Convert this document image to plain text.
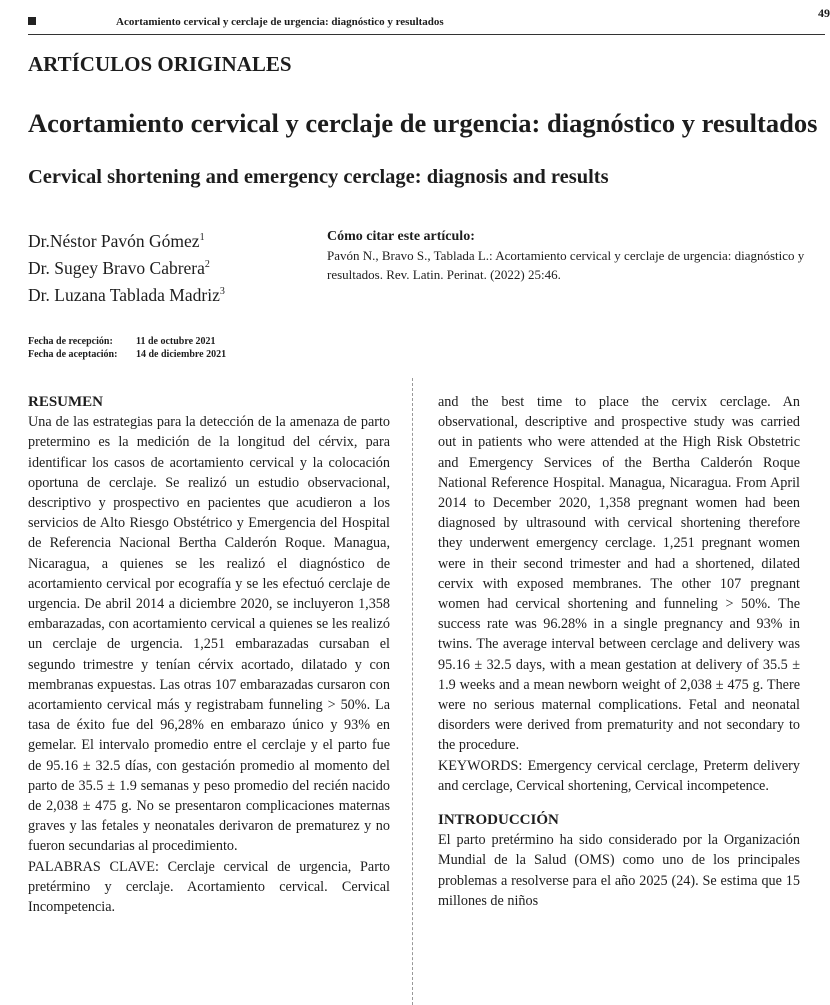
Acortamiento cervical y cerclaje de urgencia: diagnóstico y resultados
49
ARTÍCULOS ORIGINALES
Acortamiento cervical y cerclaje de urgencia: diagnóstico y resultados
Cervical shortening and emergency cerclage: diagnosis and results
Dr.Néstor Pavón Gómez$^1$
Dr. Sugey Bravo Cabrera$^2$
Dr. Luzana Tablada Madriz$^3$
Cómo citar este artículo:
Pavón N., Bravo S., Tablada L.: Acortamiento cervical y cerclaje de urgencia: diagnóstico y resultados. Rev. Latin. Perinat. (2022) 25:46.
Fecha de recepción: 11 de octubre 2021
Fecha de aceptación: 14 de diciembre 2021

RESUMEN

Una de las estrategias para la detección de la amenaza de parto pretermino es la medición de la longitud del cérvix, para identificar los casos de acortamiento cervical y la colocación oportuna de cerclaje. Se realizó un estudio observacional, descriptivo y prospectivo en pacientes que acudieron a los servicios de Alto Riesgo Obstétrico y Emergencia del Hospital de Referencia Nacional Bertha Calderón Roque. Managua, Nicaragua, a quienes se les realizó el diagnóstico de acortamiento cervical por ecografía y se les efectuó cerclaje de urgencia. De abril 2014 a diciembre 2020, se incluyeron 1,358 embarazadas, con acortamiento cervical a quienes se les realizó un cerclaje de urgencia. 1,251 embarazadas cursaban el segundo trimestre y tenían cérvix acortado, dilatado y con membranas expuestas. Las otras 107 embarazadas cursaron con acortamiento cervical más y registrabam funneling > 50%. La tasa de éxito fue del 96,28% en embarazo único y 93% en gemelar. El intervalo promedio entre el cerclaje y el parto fue de 95.16 ± 32.5 días, con gestación promedio al momento del parto de 35.5 ± 1.9 semanas y peso promedio del recién nacido de 2,038 ± 475 g. No se presentaron complicaciones maternas graves y las fetales y neonatales derivaron de prematurez y no fueron secundarias al procedimiento.

PALABRAS CLAVE: Cerclaje cervical de urgencia, Parto pretérmino y cerclaje. Acortamiento cervical. Cervical Incompetencia.

and the best time to place the cervix cerclage. An observational, descriptive and prospective study was carried out in patients who were attended at the High Risk Obstetric and Emergency Services of the Bertha Calderón Roque National Reference Hospital. Managua, Nicaragua. From April 2014 to December 2020, 1,358 pregnant women had been diagnosed by ultrasound with cervical shortening therefore they underwent emergency cerclage. 1,251 pregnant women were in their second trimester and had a shortened, dilated cervix with exposed membranes. The other 107 pregnant women had cervical shortening and funneling > 50%. The success rate was 96.28% in a single pregnancy and 93% in twins. The average interval between cerclage and delivery was 95.16 ± 32.5 days, with a mean gestation at delivery of 35.5 ± 1.9 weeks and a mean newborn weight of 2,038 ± 475 g. There were no serious maternal complications. Fetal and neonatal disorders were derived from prematurity and not secondary to the procedure.

KEYWORDS: Emergency cervical cerclage, Preterm delivery and cerclage, Cervical shortening, Cervical incompetence.

INTRODUCCIÓN

El parto pretérmino ha sido considerado por la Organización Mundial de la Salud (OMS) como uno de los principales problemas a resolverse para el año 2025 (24). Se estima que 15 millones de niños
